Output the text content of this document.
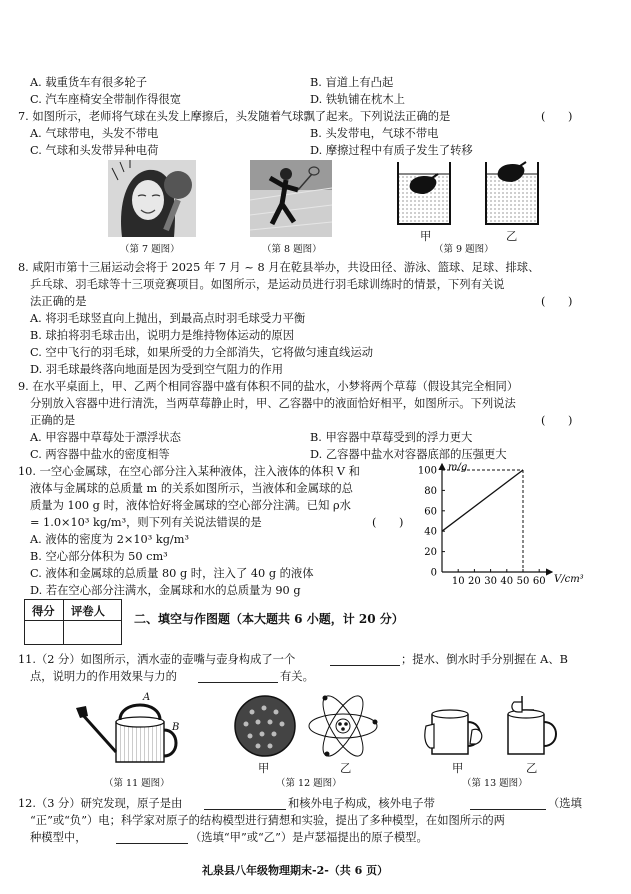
A. 载重货车有很多轮子	B. 盲道上有凸起
C. 汽车座椅安全带制作得很宽	D. 铁轨铺在枕木上
7. 如图所示，老师将气球在头发上摩擦后，头发随着气球飘了起来。下列说法正确的是	(　　)
A. 气球带电，头发不带电	B. 头发带电，气球不带电
C. 气球和头发带异种电荷	D. 摩擦过程中有质子发生了转移
（第 7 题图）	（第 8 题图）
甲	乙
（第 9 题图）
8. 咸阳市第十三届运动会将于 2025 年 7 月 ~ 8 月在乾县举办，共设田径、游泳、篮球、足球、排球、
乒乓球、羽毛球等十三项竞赛项目。如图所示，是运动员进行羽毛球训练时的情景，下列有关说
法正确的是	(　　)
A. 将羽毛球竖直向上抛出，到最高点时羽毛球受力平衡
B. 球拍将羽毛球击出，说明力是维持物体运动的原因
C. 空中飞行的羽毛球，如果所受的力全部消失，它将做匀速直线运动
D. 羽毛球最终落向地面是因为受到空气阻力的作用
9. 在水平桌面上，甲、乙两个相同容器中盛有体积不同的盐水，小梦将两个草莓（假设其完全相同）
分别放入容器中进行清洗，当两草莓静止时，甲、乙容器中的液面恰好相平，如图所示。下列说法
正确的是	(　　)
A. 甲容器中草莓处于漂浮状态	B. 甲容器中草莓受到的浮力更大
C. 两容器中盐水的密度相等	D. 乙容器中盐水对容器底部的压强更大
10. 一空心金属球，在空心部分注入某种液体，注入液体的体积 V 和
液体与金属球的总质量 m 的关系如图所示，当液体和金属球的总
质量为 100 g 时，液体恰好将金属球的空心部分注满。已知 ρ水
= 1.0×10³ kg/m³，则下列有关说法错误的是	(　　)
A. 液体的密度为 2×10³ kg/m³
B. 空心部分体积为 50 cm³
C. 液体和金属球的总质量 80 g 时，注入了 40 g 的液体
D. 若在空心部分注满水，金属球和水的总质量为 90 g
m/g
V/cm³
0
20
40
60
80
100
10 20 30 40 50 60
得分 评卷人
二、填空与作图题（本大题共 6 小题，计 20 分）
11.（2 分）如图所示，洒水壶的壶嘴与壶身构成了一个	；提水、倒水时手分别握在 A、B
点，说明力的作用效果与力的	有关。
A
B
（第 11 题图）
甲	乙
（第 12 题图）
甲	乙
（第 13 题图）
12.（3 分）研究发现，原子是由	和核外电子构成，核外电子带	（选填
“正”或“负”）电；科学家对原子的结构模型进行猜想和实验，提出了多种模型，在如图所示的两
种模型中，	（选填“甲”或“乙”）是卢瑟福提出的原子模型。
礼泉县八年级物理期末-2-（共 6 页）
